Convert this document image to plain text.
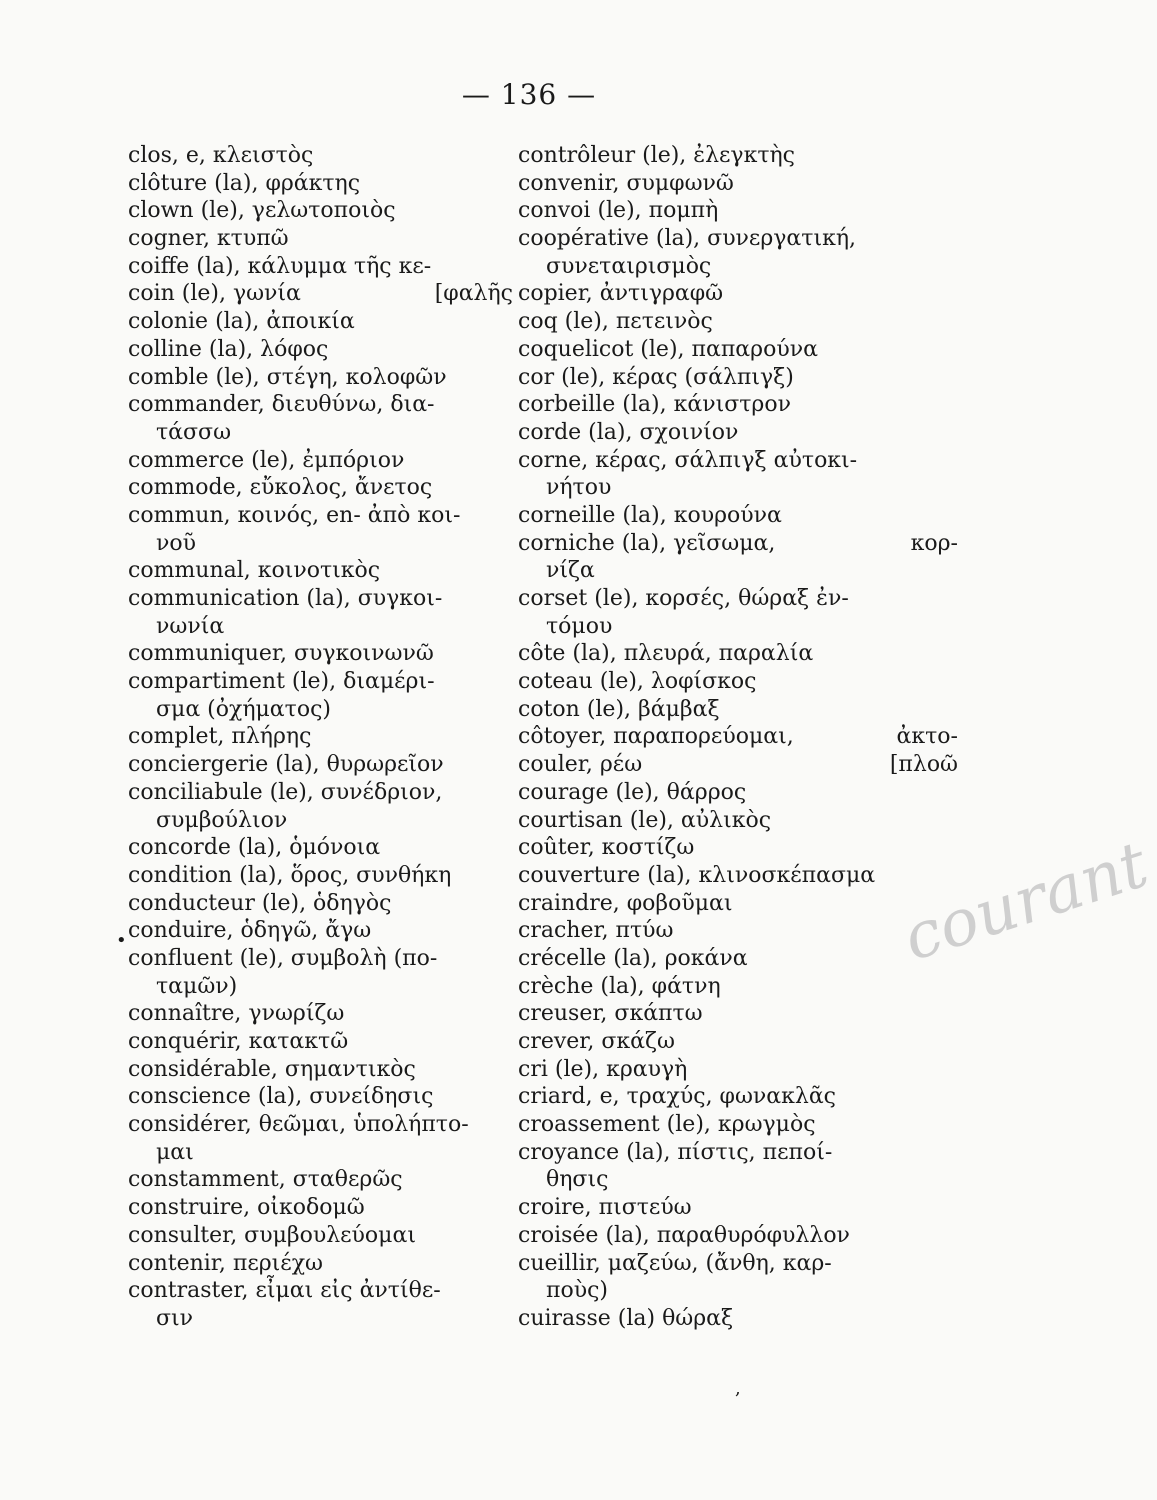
— 136 —
clos, e, κλειστὸς
clôture (la), φράκτης
clown (le), γελωτοποιὸς
cogner, κτυπῶ
coiffe (la), κάλυμμα τῆς κε-
coin (le), γωνία	[φαλῆς
colonie (la), ἀποικία
colline (la), λόφος
comble (le), στέγη, κολοφῶν
commander, διευθύνω, δια-
τάσσω
commerce (le), ἐμπόριον
commode, εὔκολος, ἄνετος
commun, κοινός, en- ἀπὸ κοι-
νοῦ
communal, κοινοτικὸς
communication (la), συγκοι-
νωνία
communiquer, συγκοινωνῶ
compartiment (le), διαμέρι-
σμα (ὀχήματος)
complet, πλήρης
conciergerie (la), θυρωρεῖον
conciliabule (le), συνέδριον,
συμβούλιον
concorde (la), ὁμόνοια
condition (la), ὅρος, συνθήκη
conducteur (le), ὁδηγὸς
conduire, ὁδηγῶ, ἄγω
confluent (le), συμβολὴ (πο-
ταμῶν)
connaître, γνωρίζω
conquérir, κατακτῶ
considérable, σημαντικὸς
conscience (la), συνείδησις
considérer, θεῶμαι, ὑπολήπτο-
μαι
constamment, σταθερῶς
construire, οἰκοδομῶ
consulter, συμβουλεύομαι
contenir, περιέχω
contraster, εἶμαι εἰς ἀντίθε-
σιν
contrôleur (le), ἐλεγκτὴς
convenir, συμφωνῶ
convoi (le), πομπὴ
coopérative (la), συνεργατική,
συνεταιρισμὸς
copier, ἀντιγραφῶ
coq (le), πετεινὸς
coquelicot (le), παπαρούνα
cor (le), κέρας (σάλπιγξ)
corbeille (la), κάνιστρον
corde (la), σχοινίον
corne, κέρας, σάλπιγξ αὐτοκι-
νήτου
corneille (la), κουρούνα
corniche (la), γεῖσωμα,	κορ-
νίζα
corset (le), κορσές, θώραξ ἐν-
τόμου
côte (la), πλευρά, παραλία
coteau (le), λοφίσκος
coton (le), βάμβαξ
côtoyer, παραπορεύομαι,	ἀκτο-
couler, ρέω	[πλοῶ
courage (le), θάρρος
courtisan (le), αὐλικὸς
coûter, κοστίζω
couverture (la), κλινοσκέπασμα
craindre, φοβοῦμαι
cracher, πτύω
crécelle (la), ροκάνα
crèche (la), φάτνη
creuser, σκάπτω
crever, σκάζω
cri (le), κραυγὴ
criard, e, τραχύς, φωνακλᾶς
croassement (le), κρωγμὸς
croyance (la), πίστις, πεποί-
θησις
croire, πιστεύω
croisée (la), παραθυρόφυλλον
cueillir, μαζεύω, (ἄνθη, καρ-
ποὺς)
cuirasse (la) θώραξ
•
,
courant
